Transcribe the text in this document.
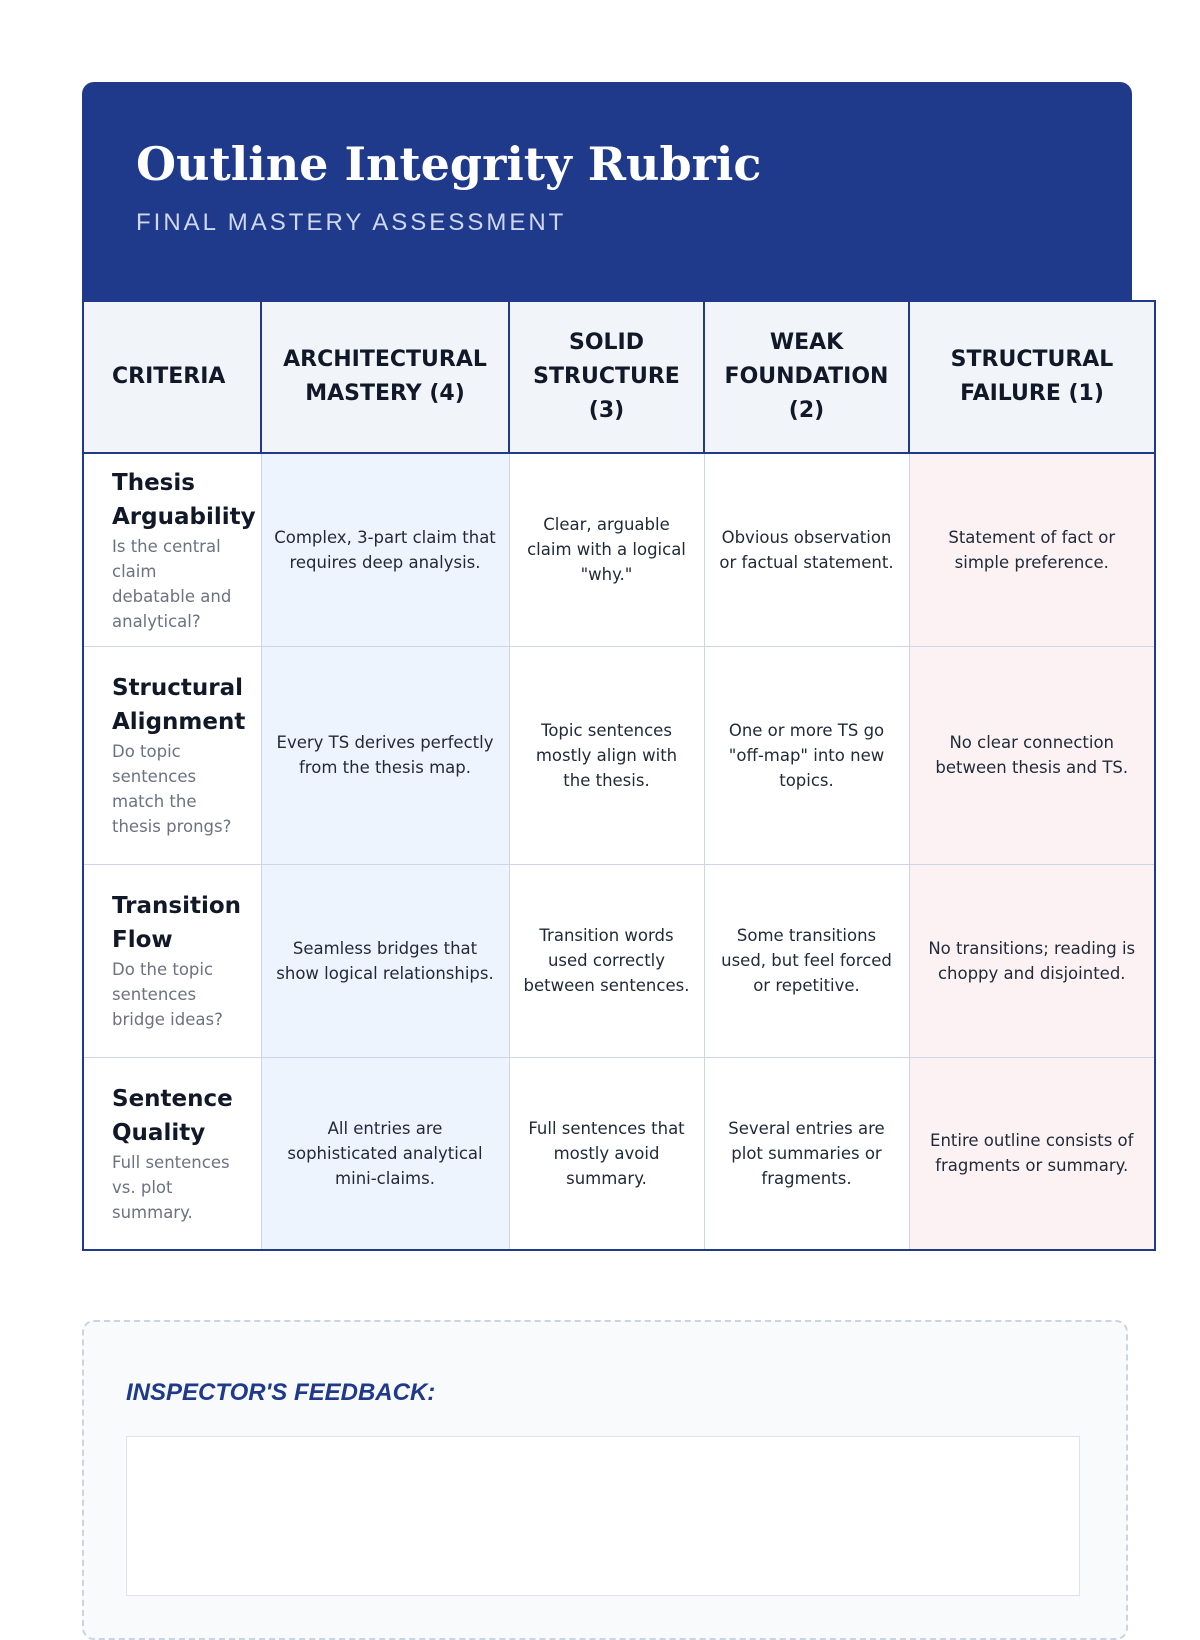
Outline Integrity Rubric
FINAL MASTERY ASSESSMENT
CRITERIA	ARCHITECTURAL MASTERY (4)	SOLID STRUCTURE (3)	WEAK FOUNDATION (2)	STRUCTURAL FAILURE (1)

Thesis Arguability
Is the central claim debatable and analytical?	Complex, 3-part claim that requires deep analysis.	Clear, arguable claim with a logical "why."	Obvious observation or factual statement.	Statement of fact or simple preference.

Structural Alignment
Do topic sentences match the thesis prongs?	Every TS derives perfectly from the thesis map.	Topic sentences mostly align with the thesis.	One or more TS go "off-map" into new topics.	No clear connection between thesis and TS.

Transition Flow
Do the topic sentences bridge ideas?	Seamless bridges that show logical relationships.	Transition words used correctly between sentences.	Some transitions used, but feel forced or repetitive.	No transitions; reading is choppy and disjointed.

Sentence Quality
Full sentences vs. plot summary.	All entries are sophisticated analytical mini-claims.	Full sentences that mostly avoid summary.	Several entries are plot summaries or fragments.	Entire outline consists of fragments or summary.
INSPECTOR'S FEEDBACK:
